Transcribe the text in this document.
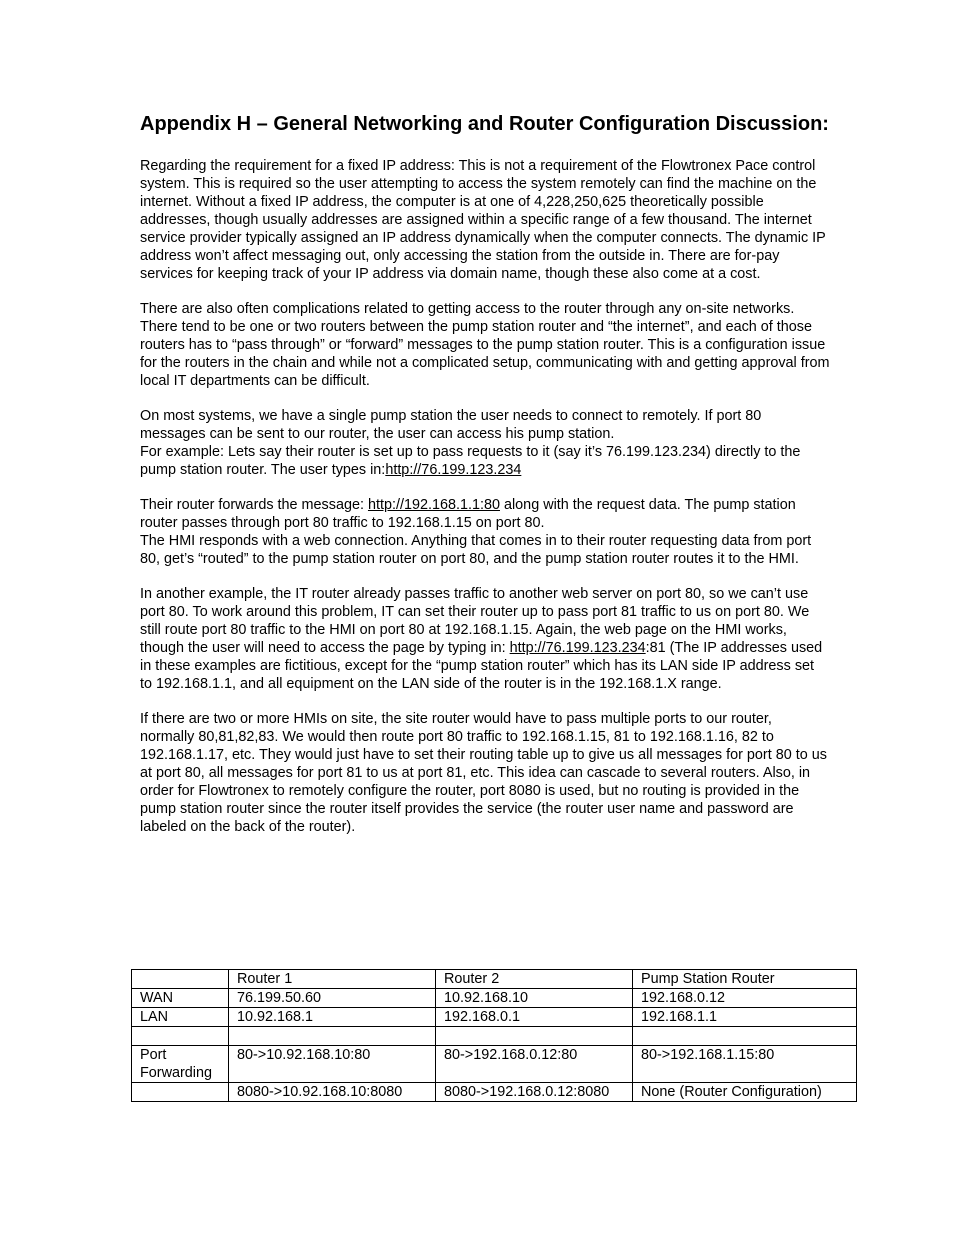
Appendix H – General Networking and Router Configuration Discussion:

Regarding the requirement for a fixed IP address: This is not a requirement of the Flowtronex Pace control system. This is required so the user attempting to access the system remotely can find the machine on the internet. Without a fixed IP address, the computer is at one of 4,228,250,625 theoretically possible addresses, though usually addresses are assigned within a specific range of a few thousand. The internet service provider typically assigned an IP address dynamically when the computer connects. The dynamic IP address won’t affect messaging out, only accessing the station from the outside in. There are for-pay services for keeping track of your IP address via domain name, though these also come at a cost.

There are also often complications related to getting access to the router through any on-site networks. There tend to be one or two routers between the pump station router and “the internet”, and each of those routers has to “pass through” or “forward” messages to the pump station router. This is a configuration issue for the routers in the chain and while not a complicated setup, communicating with and getting approval from local IT departments can be difficult.

On most systems, we have a single pump station the user needs to connect to remotely. If port 80 messages can be sent to our router, the user can access his pump station.
For example: Lets say their router is set up to pass requests to it (say it’s 76.199.123.234) directly to the pump station router. The user types in:http://76.199.123.234

Their router forwards the message: http://192.168.1.1:80 along with the request data. The pump station router passes through port 80 traffic to 192.168.1.15 on port 80.
The HMI responds with a web connection. Anything that comes in to their router requesting data from port 80, get’s “routed” to the pump station router on port 80, and the pump station router routes it to the HMI.

In another example, the IT router already passes traffic to another web server on port 80, so we can’t use port 80. To work around this problem, IT can set their router up to pass port 81 traffic to us on port 80. We still route port 80 traffic to the HMI on port 80 at 192.168.1.15. Again, the web page on the HMI works, though the user will need to access the page by typing in: http://76.199.123.234:81 (The IP addresses used in these examples are fictitious, except for the “pump station router” which has its LAN side IP address set to 192.168.1.1, and all equipment on the LAN side of the router is in the 192.168.1.X range.

If there are two or more HMIs on site, the site router would have to pass multiple ports to our router, normally 80,81,82,83. We would then route port 80 traffic to 192.168.1.15, 81 to 192.168.1.16, 82 to 192.168.1.17, etc. They would just have to set their routing table up to give us all messages for port 80 to us at port 80, all messages for port 81 to us at port 81, etc. This idea can cascade to several routers. Also, in order for Flowtronex to remotely configure the router, port 8080 is used, but no routing is provided in the pump station router since the router itself provides the service (the router user name and password are labeled on the back of the router).

	Router 1	Router 2	Pump Station Router
WAN	76.199.50.60	10.92.168.10	192.168.0.12
LAN	10.92.168.1	192.168.0.1	192.168.1.1

Port Forwarding	80->10.92.168.10:80	80->192.168.0.12:80	80->192.168.1.15:80
	8080->10.92.168.10:8080	8080->192.168.0.12:8080	None (Router Configuration)
